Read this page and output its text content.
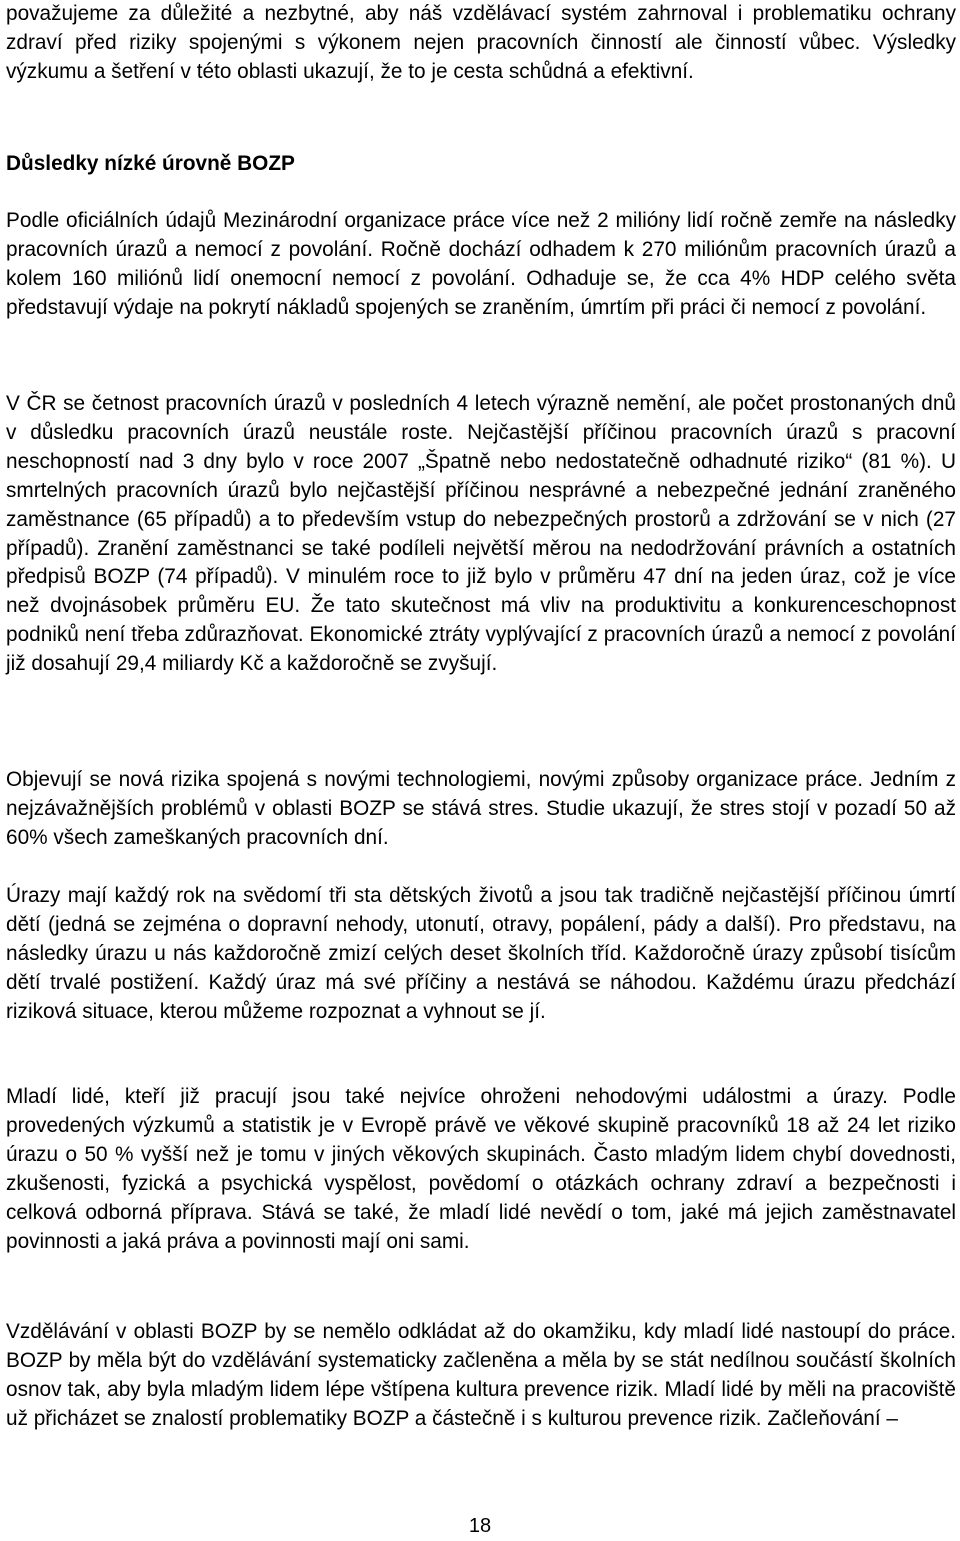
považujeme za důležité a nezbytné, aby náš vzdělávací systém zahrnoval i problematiku ochrany zdraví před riziky spojenými s výkonem nejen pracovních činností ale činností vůbec. Výsledky výzkumu a šetření v této oblasti ukazují, že to je cesta schůdná a efektivní.

Důsledky nízké úrovně BOZP

Podle oficiálních údajů Mezinárodní organizace práce více než 2 milióny lidí ročně zemře na následky pracovních úrazů a nemocí z povolání. Ročně dochází odhadem k 270 miliónům pracovních úrazů a kolem 160 miliónů lidí onemocní nemocí z povolání. Odhaduje se, že cca 4% HDP celého světa představují výdaje na pokrytí nákladů spojených se zraněním, úmrtím při práci či nemocí z povolání.

V ČR se četnost pracovních úrazů v posledních 4 letech výrazně nemění, ale počet prostonaných dnů v důsledku pracovních úrazů neustále roste. Nejčastější příčinou pracovních úrazů s pracovní neschopností nad 3 dny bylo v roce 2007 „Špatně nebo nedostatečně odhadnuté riziko“ (81 %). U smrtelných pracovních úrazů bylo nejčastější příčinou nesprávné a nebezpečné jednání zraněného zaměstnance (65 případů) a to především vstup do nebezpečných prostorů a zdržování se v nich (27 případů). Zranění zaměstnanci se také podíleli největší měrou na nedodržování právních a ostatních předpisů BOZP (74 případů). V minulém roce to již bylo v průměru 47 dní na jeden úraz, což je více než dvojnásobek průměru EU. Že tato skutečnost má vliv na produktivitu a konkurenceschopnost podniků není třeba zdůrazňovat. Ekonomické ztráty vyplývající z pracovních úrazů a nemocí z povolání již dosahují 29,4 miliardy Kč a každoročně se zvyšují.

Objevují se nová rizika spojená s novými technologiemi, novými způsoby organizace práce. Jedním z nejzávažnějších problémů v oblasti BOZP se stává stres. Studie ukazují, že stres stojí v pozadí 50 až 60% všech zameškaných pracovních dní.

Úrazy mají každý rok na svědomí tři sta dětských životů a jsou tak tradičně nejčastější příčinou úmrtí dětí (jedná se zejména o dopravní nehody, utonutí, otravy, popálení, pády a další). Pro představu, na následky úrazu u nás každoročně zmizí celých deset školních tříd. Každoročně úrazy způsobí tisícům dětí trvalé postižení. Každý úraz má své příčiny a nestává se náhodou. Každému úrazu předchází riziková situace, kterou můžeme rozpoznat a vyhnout se jí.

Mladí lidé, kteří již pracují jsou také nejvíce ohroženi nehodovými událostmi a úrazy. Podle provedených výzkumů a statistik je v Evropě právě ve věkové skupině pracovníků 18 až 24 let riziko úrazu o 50 % vyšší než je tomu v jiných věkových skupinách. Často mladým lidem chybí dovednosti, zkušenosti, fyzická a psychická vyspělost, povědomí o otázkách ochrany zdraví a bezpečnosti i celková odborná příprava. Stává se také, že mladí lidé nevědí o tom, jaké má jejich zaměstnavatel povinnosti a jaká práva a povinnosti mají oni sami.

Vzdělávání v oblasti BOZP by se nemělo odkládat až do okamžiku, kdy mladí lidé nastoupí do práce. BOZP by měla být do vzdělávání systematicky začleněna a měla by se stát nedílnou součástí školních osnov tak, aby byla mladým lidem lépe vštípena kultura prevence rizik. Mladí lidé by měli na pracoviště už přicházet se znalostí problematiky BOZP a částečně i s kulturou prevence rizik. Začleňování –

18
